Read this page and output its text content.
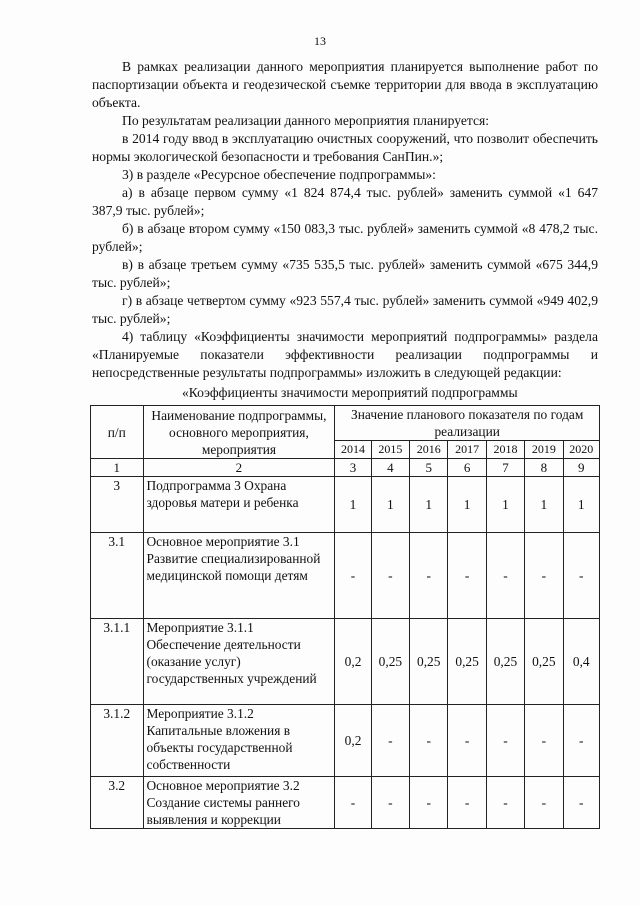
13

В рамках реализации данного мероприятия планируется выполнение работ по паспортизации объекта и геодезической съемке территории для ввода в эксплуатацию объекта.

По результатам реализации данного мероприятия планируется:

в 2014 году ввод в эксплуатацию очистных сооружений, что позволит обеспечить нормы экологической безопасности и требования СанПин.»;

3) в разделе «Ресурсное обеспечение подпрограммы»:

а) в абзаце первом сумму «1 824 874,4 тыс. рублей» заменить суммой «1 647 387,9 тыс. рублей»;

б) в абзаце втором сумму «150 083,3 тыс. рублей» заменить суммой «8 478,2 тыс. рублей»;

в) в абзаце третьем сумму «735 535,5 тыс. рублей» заменить суммой «675 344,9 тыс. рублей»;

г) в абзаце четвертом сумму «923 557,4 тыс. рублей» заменить суммой «949 402,9 тыс. рублей»;

4) таблицу «Коэффициенты значимости мероприятий подпрограммы» раздела «Планируемые показатели эффективности реализации подпрограммы и непосредственные результаты подпрограммы» изложить в следующей редакции:

«Коэффициенты значимости мероприятий подпрограммы

п/п	Наименование подпрограммы, основного мероприятия, мероприятия	Значение планового показателя по годам реализации						
		2014	2015	2016	2017	2018	2019	2020
1	2	3	4	5	6	7	8	9
3	Подпрограмма 3 Охрана здоровья матери и ребенка	1	1	1	1	1	1	1
3.1	Основное мероприятие 3.1 Развитие специализированной медицинской помощи детям	-	-	-	-	-	-	-
3.1.1	Мероприятие 3.1.1 Обеспечение деятельности (оказание услуг) государственных учреждений	0,2	0,25	0,25	0,25	0,25	0,25	0,4
3.1.2	Мероприятие 3.1.2 Капитальные вложения в объекты государственной собственности	0,2	-	-	-	-	-	-
3.2	Основное мероприятие 3.2 Создание системы раннего выявления и коррекции	-	-	-	-	-	-	-
